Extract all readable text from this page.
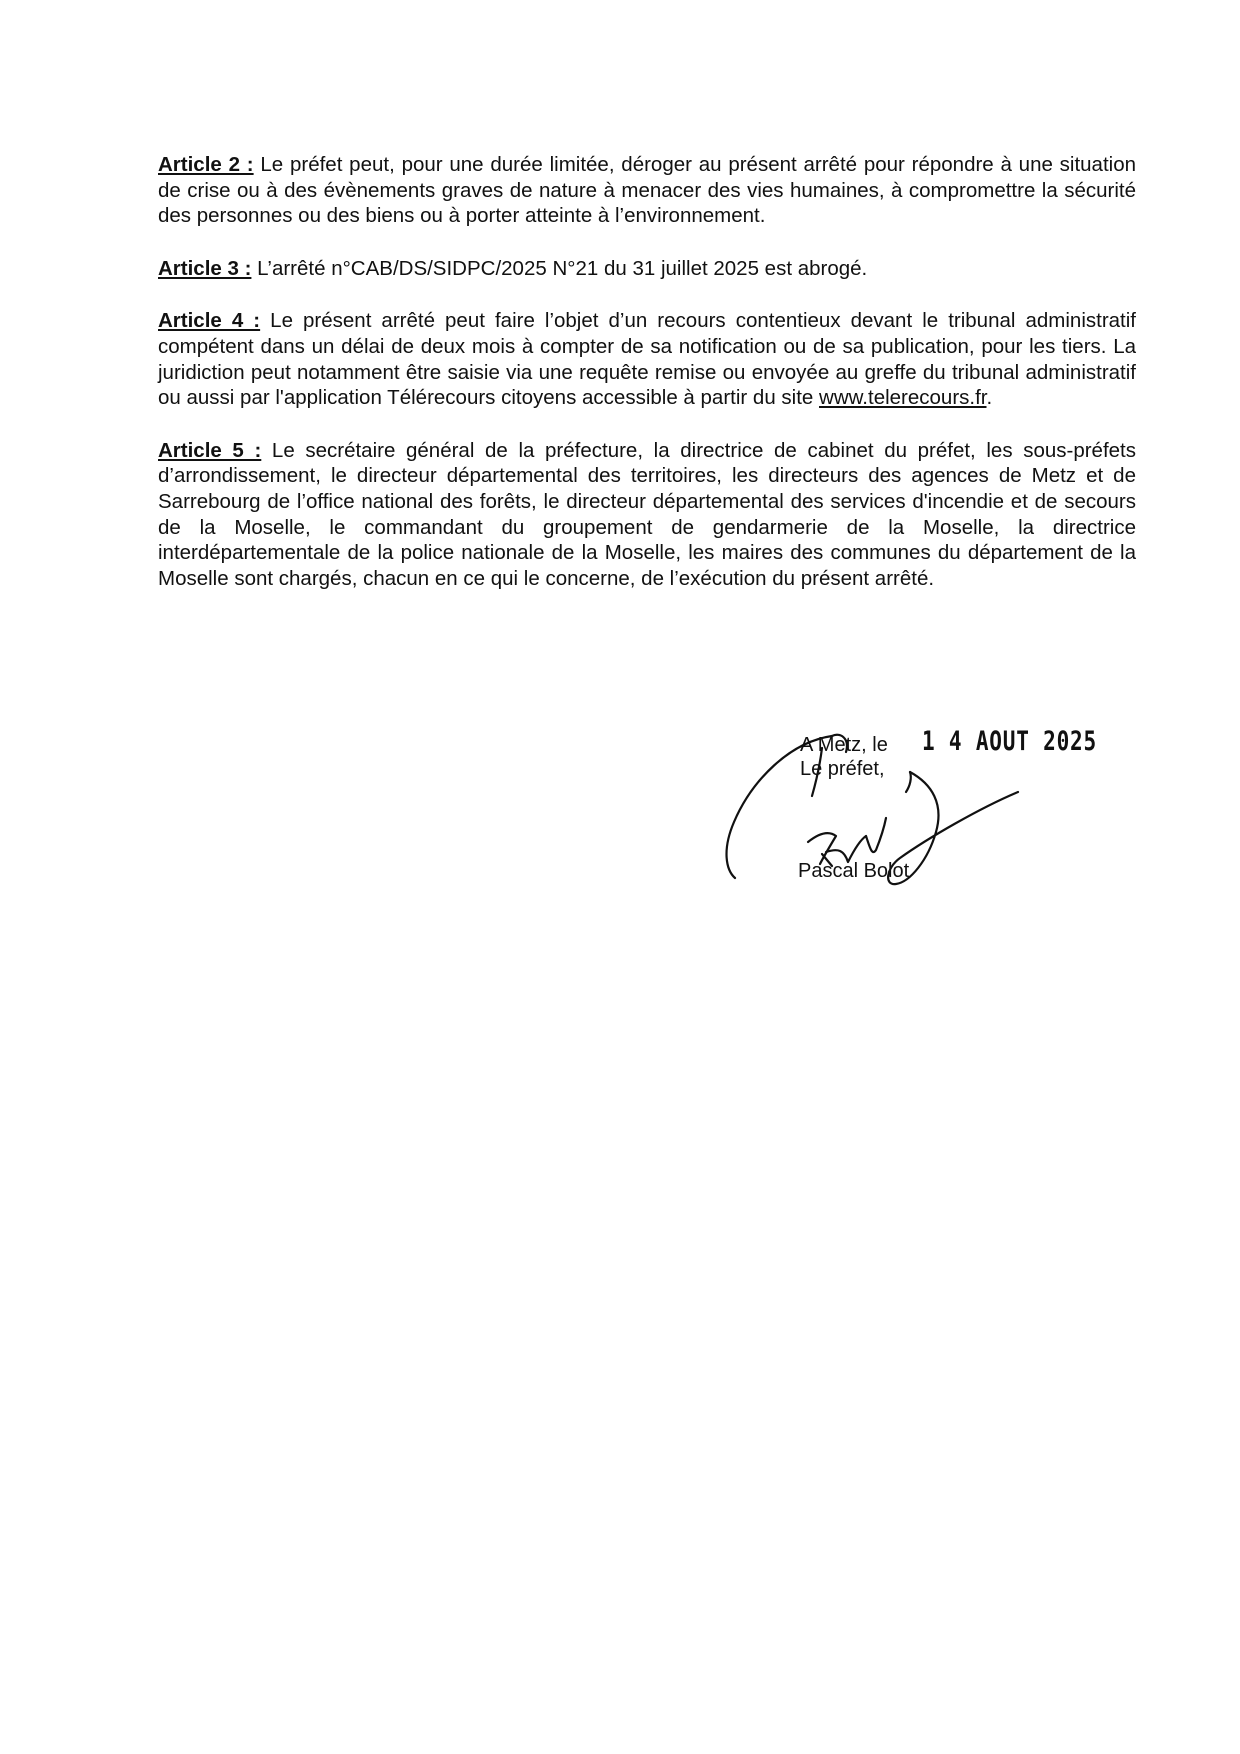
Article 2 : Le préfet peut, pour une durée limitée, déroger au présent arrêté pour répondre à une situation de crise ou à des évènements graves de nature à menacer des vies humaines, à compromettre la sécurité des personnes ou des biens ou à porter atteinte à l’environnement.

Article 3 : L’arrêté n°CAB/DS/SIDPC/2025 N°21 du 31 juillet 2025 est abrogé.

Article 4 : Le présent arrêté peut faire l’objet d’un recours contentieux devant le tribunal administratif compétent dans un délai de deux mois à compter de sa notification ou de sa publication, pour les tiers. La juridiction peut notamment être saisie via une requête remise ou envoyée au greffe du tribunal administratif ou aussi par l'application Télérecours citoyens accessible à partir du site www.telerecours.fr.

Article 5 : Le secrétaire général de la préfecture, la directrice de cabinet du préfet, les sous-préfets d’arrondissement, le directeur départemental des territoires, les directeurs des agences de Metz et de Sarrebourg de l’office national des forêts, le directeur départemental des services d'incendie et de secours de la Moselle, le commandant du groupement de gendarmerie de la Moselle, la directrice interdépartementale de la police nationale de la Moselle, les maires des communes du département de la Moselle sont chargés, chacun en ce qui le concerne, de l’exécution du présent arrêté.

A Metz, le 1 4 AOUT 2025
Le préfet,
Pascal Bolot
